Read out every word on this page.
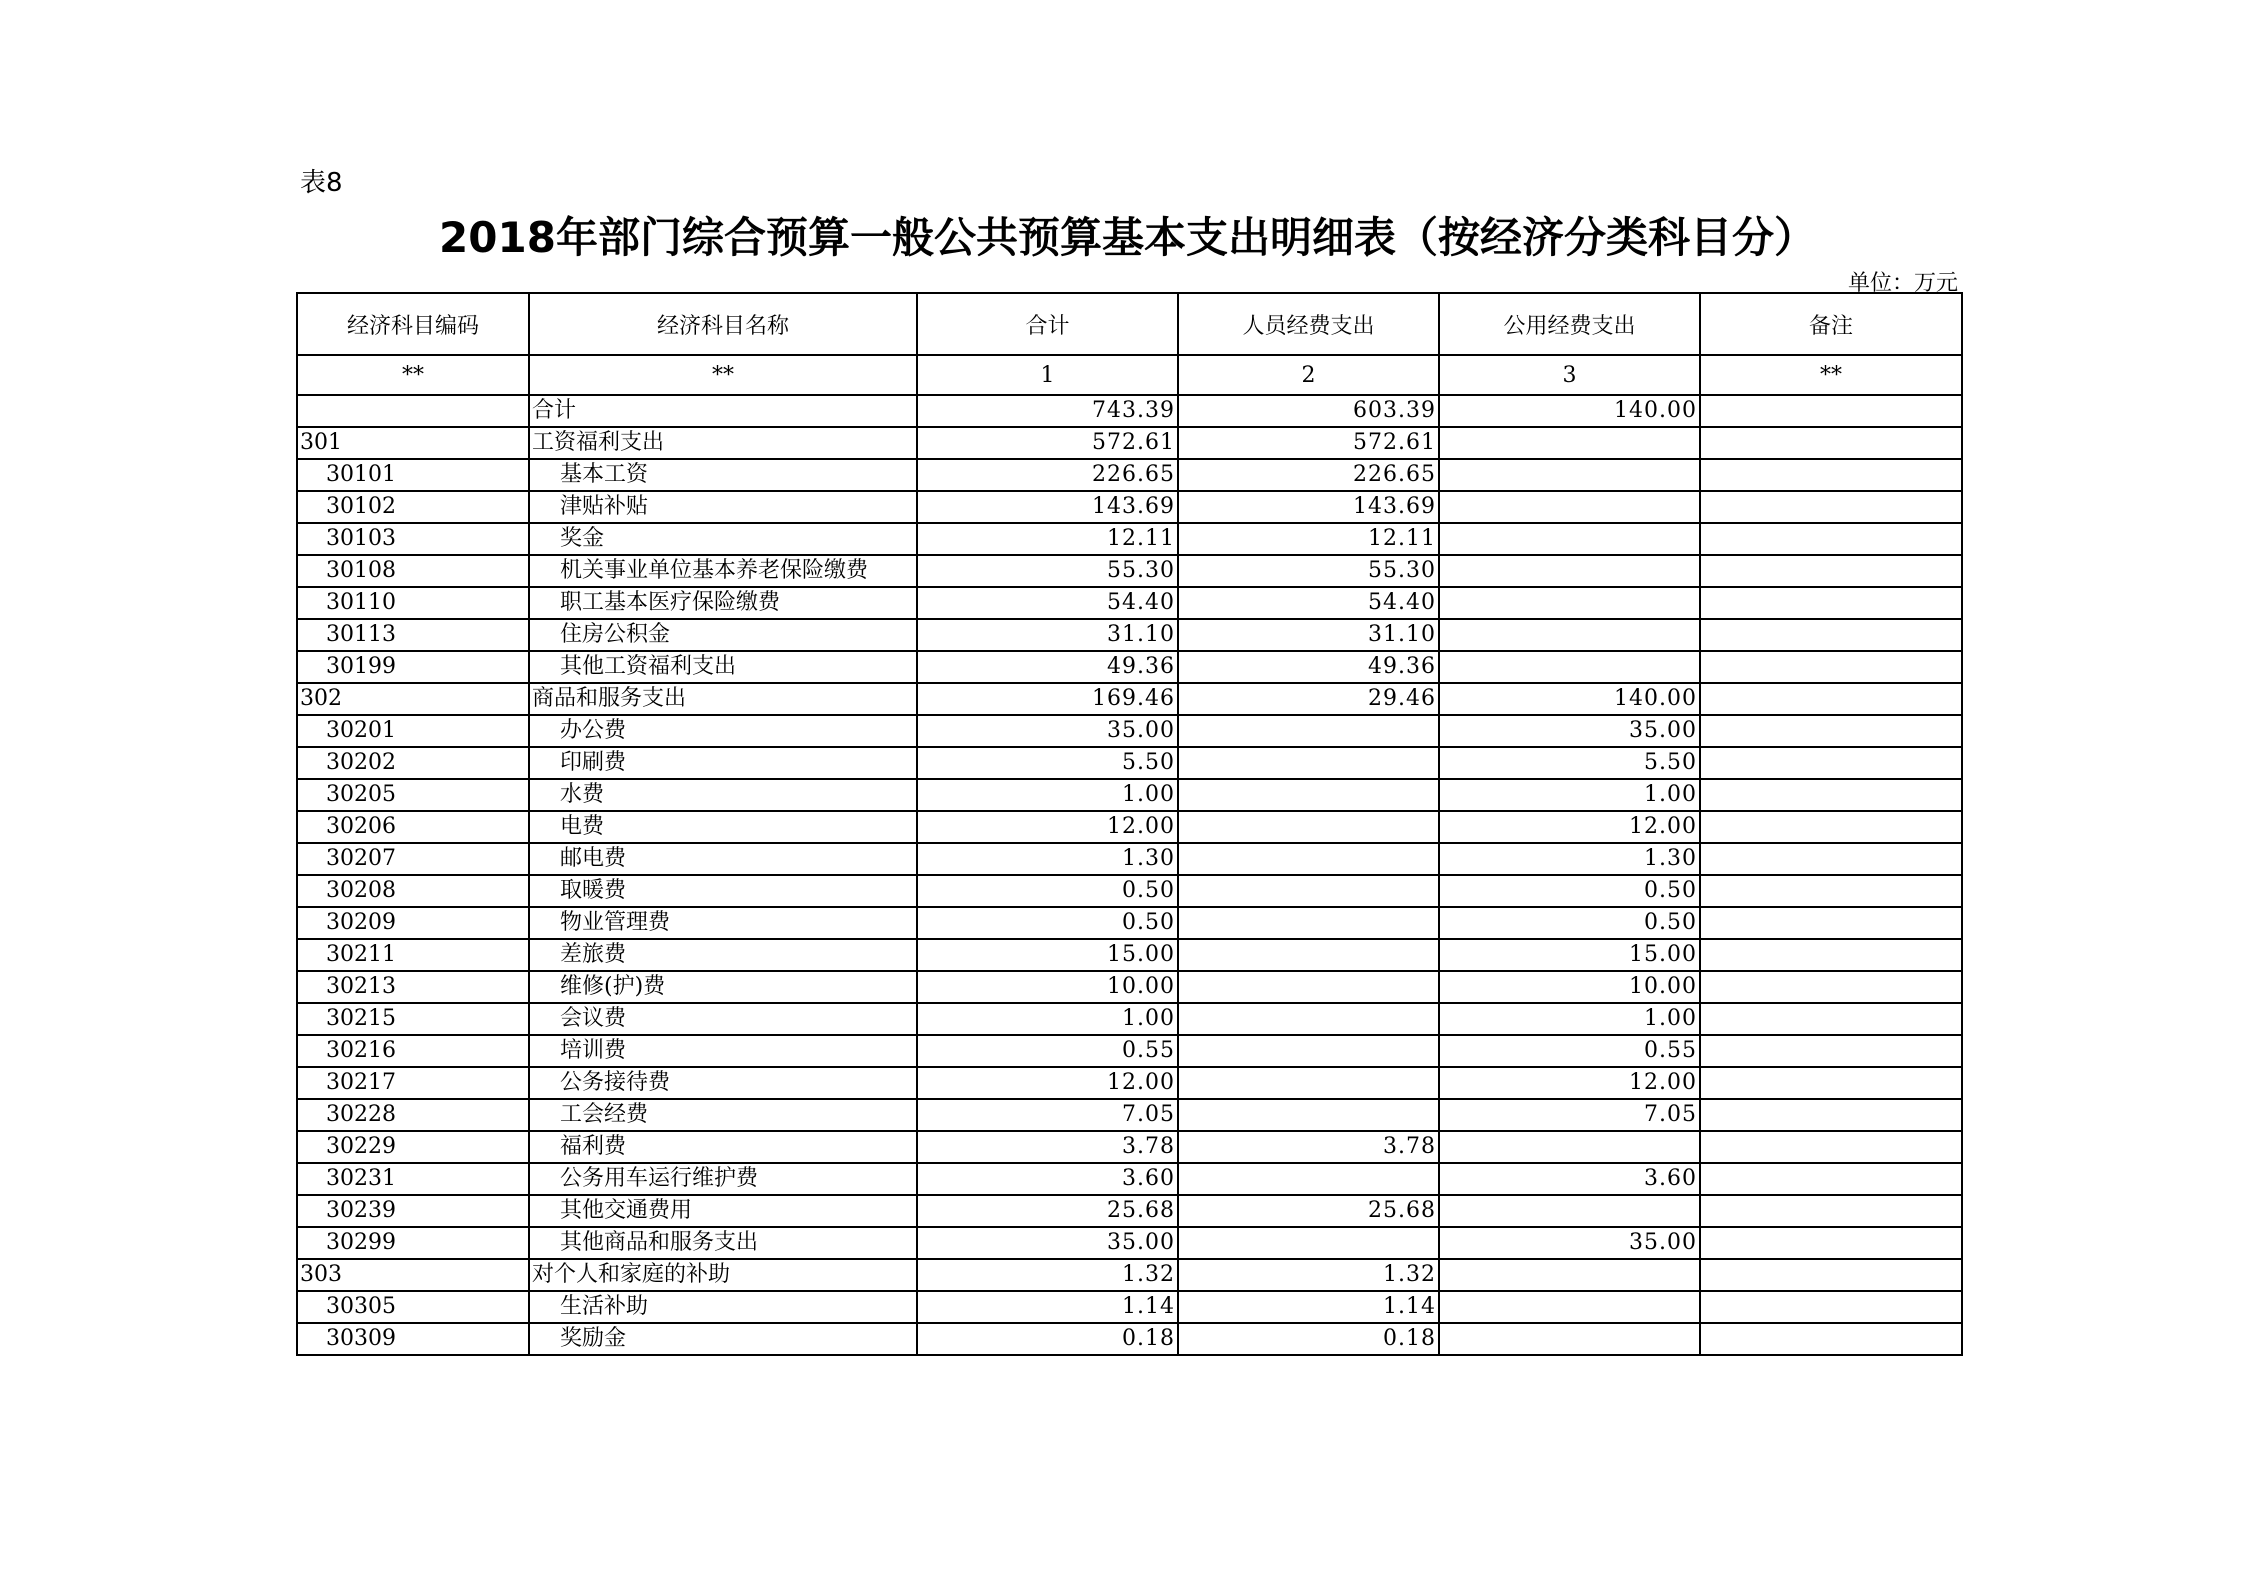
表8
2018年部门综合预算一般公共预算基本支出明细表（按经济分类科目分）
单位：万元
经济科目编码	经济科目名称	合计	人员经费支出	公用经费支出	备注
**	**	1	2	3	**
	合计	743.39	603.39	140.00	
301	工资福利支出	572.61	572.61		
30101	基本工资	226.65	226.65		
30102	津贴补贴	143.69	143.69		
30103	奖金	12.11	12.11		
30108	机关事业单位基本养老保险缴费	55.30	55.30		
30110	职工基本医疗保险缴费	54.40	54.40		
30113	住房公积金	31.10	31.10		
30199	其他工资福利支出	49.36	49.36		
302	商品和服务支出	169.46	29.46	140.00	
30201	办公费	35.00		35.00	
30202	印刷费	5.50		5.50	
30205	水费	1.00		1.00	
30206	电费	12.00		12.00	
30207	邮电费	1.30		1.30	
30208	取暖费	0.50		0.50	
30209	物业管理费	0.50		0.50	
30211	差旅费	15.00		15.00	
30213	维修(护)费	10.00		10.00	
30215	会议费	1.00		1.00	
30216	培训费	0.55		0.55	
30217	公务接待费	12.00		12.00	
30228	工会经费	7.05		7.05	
30229	福利费	3.78	3.78		
30231	公务用车运行维护费	3.60		3.60	
30239	其他交通费用	25.68	25.68		
30299	其他商品和服务支出	35.00		35.00	
303	对个人和家庭的补助	1.32	1.32		
30305	生活补助	1.14	1.14		
30309	奖励金	0.18	0.18		
